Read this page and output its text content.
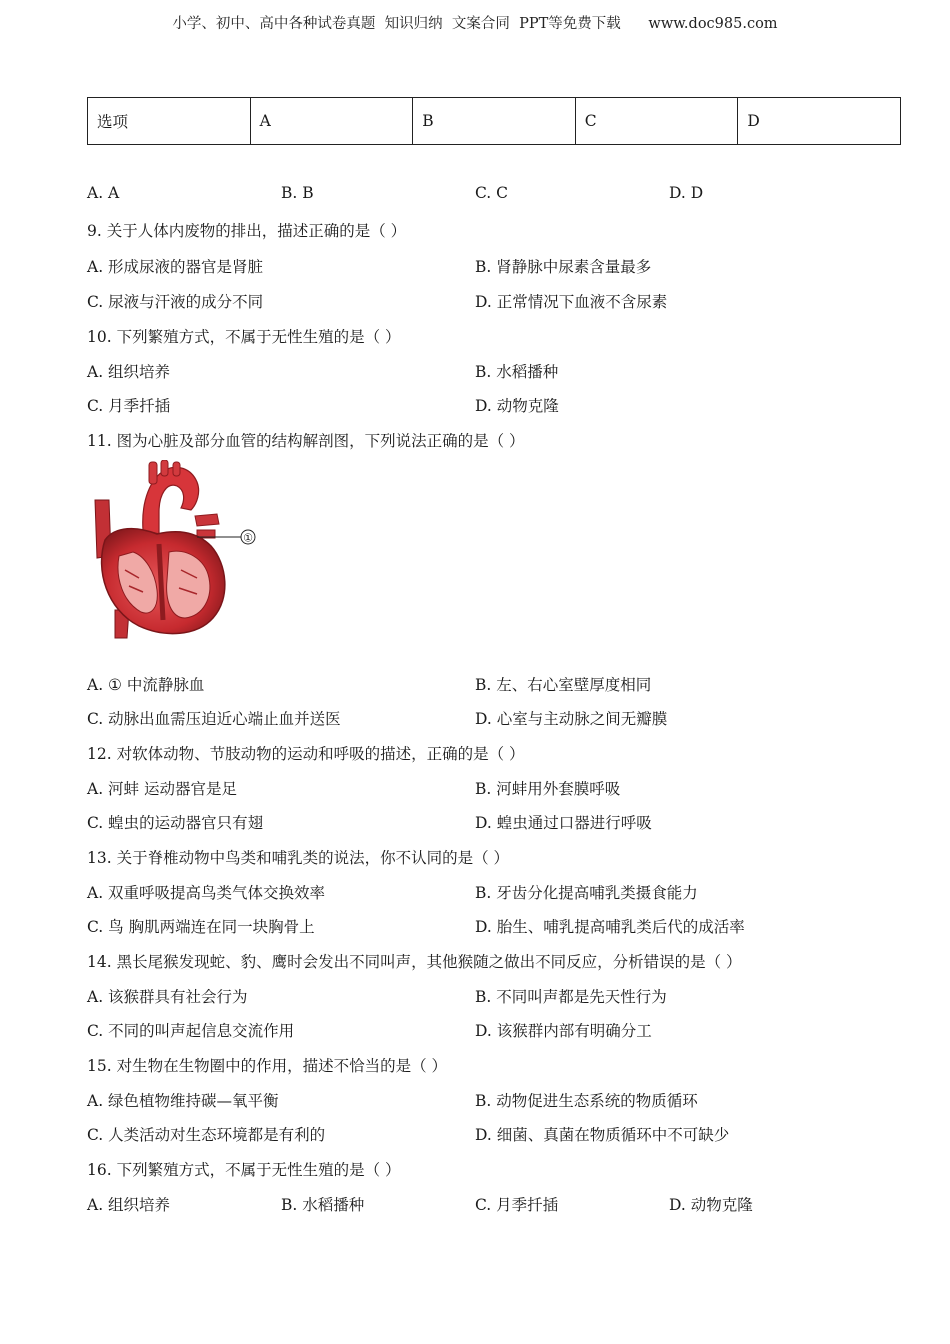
小学、初中、高中各种试卷真题  知识归纳  文案合同  PPT等免费下载      www.doc985.com
选项	A	B	C	D
A. A	B. B	C. C	D. D
9. 关于人体内废物的排出，描述正确的是（ ）
A. 形成尿液的器官是肾脏	B. 肾静脉中尿素含量最多
C. 尿液与汗液的成分不同	D. 正常情况下血液不含尿素
10. 下列繁殖方式，不属于无性生殖的是（ ）
A. 组织培养	B. 水稻播种
C. 月季扦插	D. 动物克隆
11. 图为心脏及部分血管的结构解剖图，下列说法正确的是（ ）
①
A. ① 中流静脉血	B. 左、右心室壁厚度相同
C. 动脉出血需压迫近心端止血并送医	D. 心室与主动脉之间无瓣膜
12. 对软体动物、节肢动物的运动和呼吸的描述，正确的是（ ）
A. 河蚌 运动器官是足	B. 河蚌用外套膜呼吸
C. 蝗虫的运动器官只有翅	D. 蝗虫通过口器进行呼吸
13. 关于脊椎动物中鸟类和哺乳类的说法，你不认同的是（ ）
A. 双重呼吸提高鸟类气体交换效率	B. 牙齿分化提高哺乳类摄食能力
C. 鸟 胸肌两端连在同一块胸骨上	D. 胎生、哺乳提高哺乳类后代的成活率
14. 黑长尾猴发现蛇、豹、鹰时会发出不同叫声，其他猴随之做出不同反应，分析错误的是（ ）
A. 该猴群具有社会行为	B. 不同叫声都是先天性行为
C. 不同的叫声起信息交流作用	D. 该猴群内部有明确分工
15. 对生物在生物圈中的作用，描述不恰当的是（ ）
A. 绿色植物维持碳—氧平衡	B. 动物促进生态系统的物质循环
C. 人类活动对生态环境都是有利的	D. 细菌、真菌在物质循环中不可缺少
16. 下列繁殖方式，不属于无性生殖的是（ ）
A. 组织培养	B. 水稻播种	C. 月季扦插	D. 动物克隆
